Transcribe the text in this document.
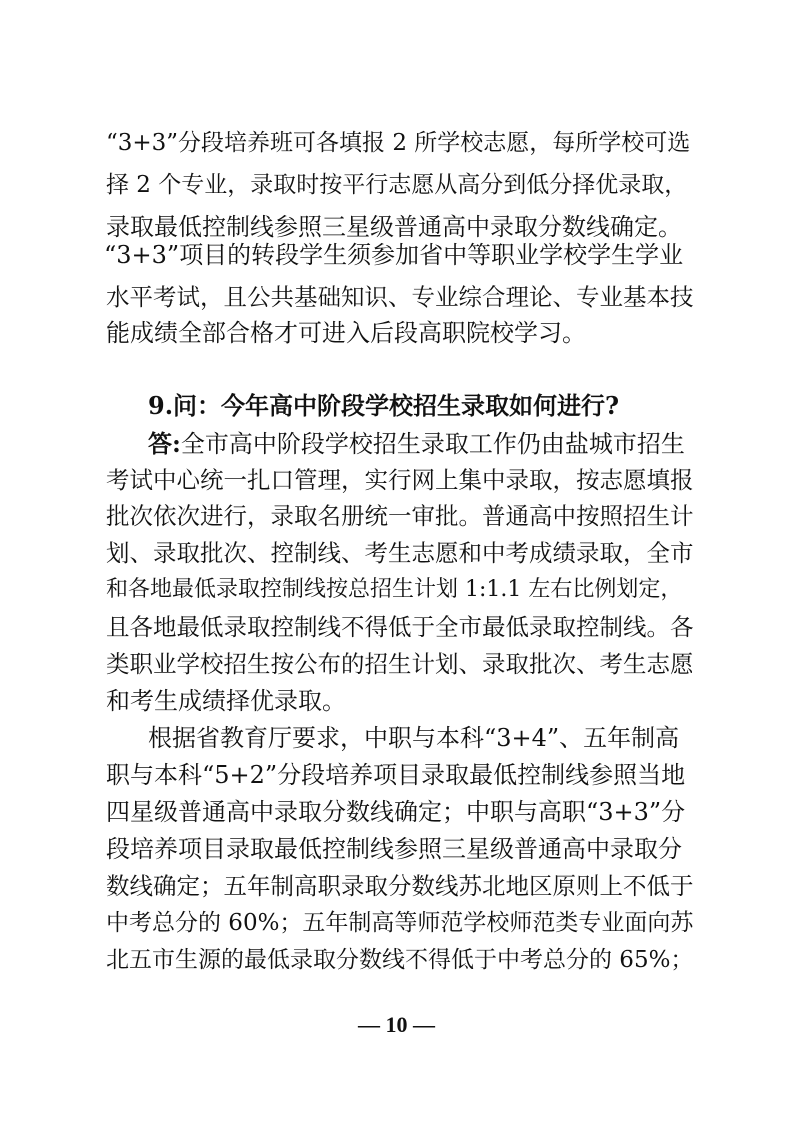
“3+3”分段培养班可各填报 2 所学校志愿，每所学校可选
择 2 个专业，录取时按平行志愿从高分到低分择优录取，
录取最低控制线参照三星级普通高中录取分数线确定。
“3+3”项目的转段学生须参加省中等职业学校学生学业
水平考试，且公共基础知识、专业综合理论、专业基本技
能成绩全部合格才可进入后段高职院校学习。
9.问：今年高中阶段学校招生录取如何进行?
答:全市高中阶段学校招生录取工作仍由盐城市招生
考试中心统一扎口管理，实行网上集中录取，按志愿填报
批次依次进行，录取名册统一审批。普通高中按照招生计
划、录取批次、控制线、考生志愿和中考成绩录取，全市
和各地最低录取控制线按总招生计划 1:1.1 左右比例划定，
且各地最低录取控制线不得低于全市最低录取控制线。各
类职业学校招生按公布的招生计划、录取批次、考生志愿
和考生成绩择优录取。
根据省教育厅要求，中职与本科“3+4”、五年制高
职与本科“5+2”分段培养项目录取最低控制线参照当地
四星级普通高中录取分数线确定；中职与高职“3+3”分
段培养项目录取最低控制线参照三星级普通高中录取分
数线确定；五年制高职录取分数线苏北地区原则上不低于
中考总分的 60%；五年制高等师范学校师范类专业面向苏
北五市生源的最低录取分数线不得低于中考总分的 65%；
— 10 —
